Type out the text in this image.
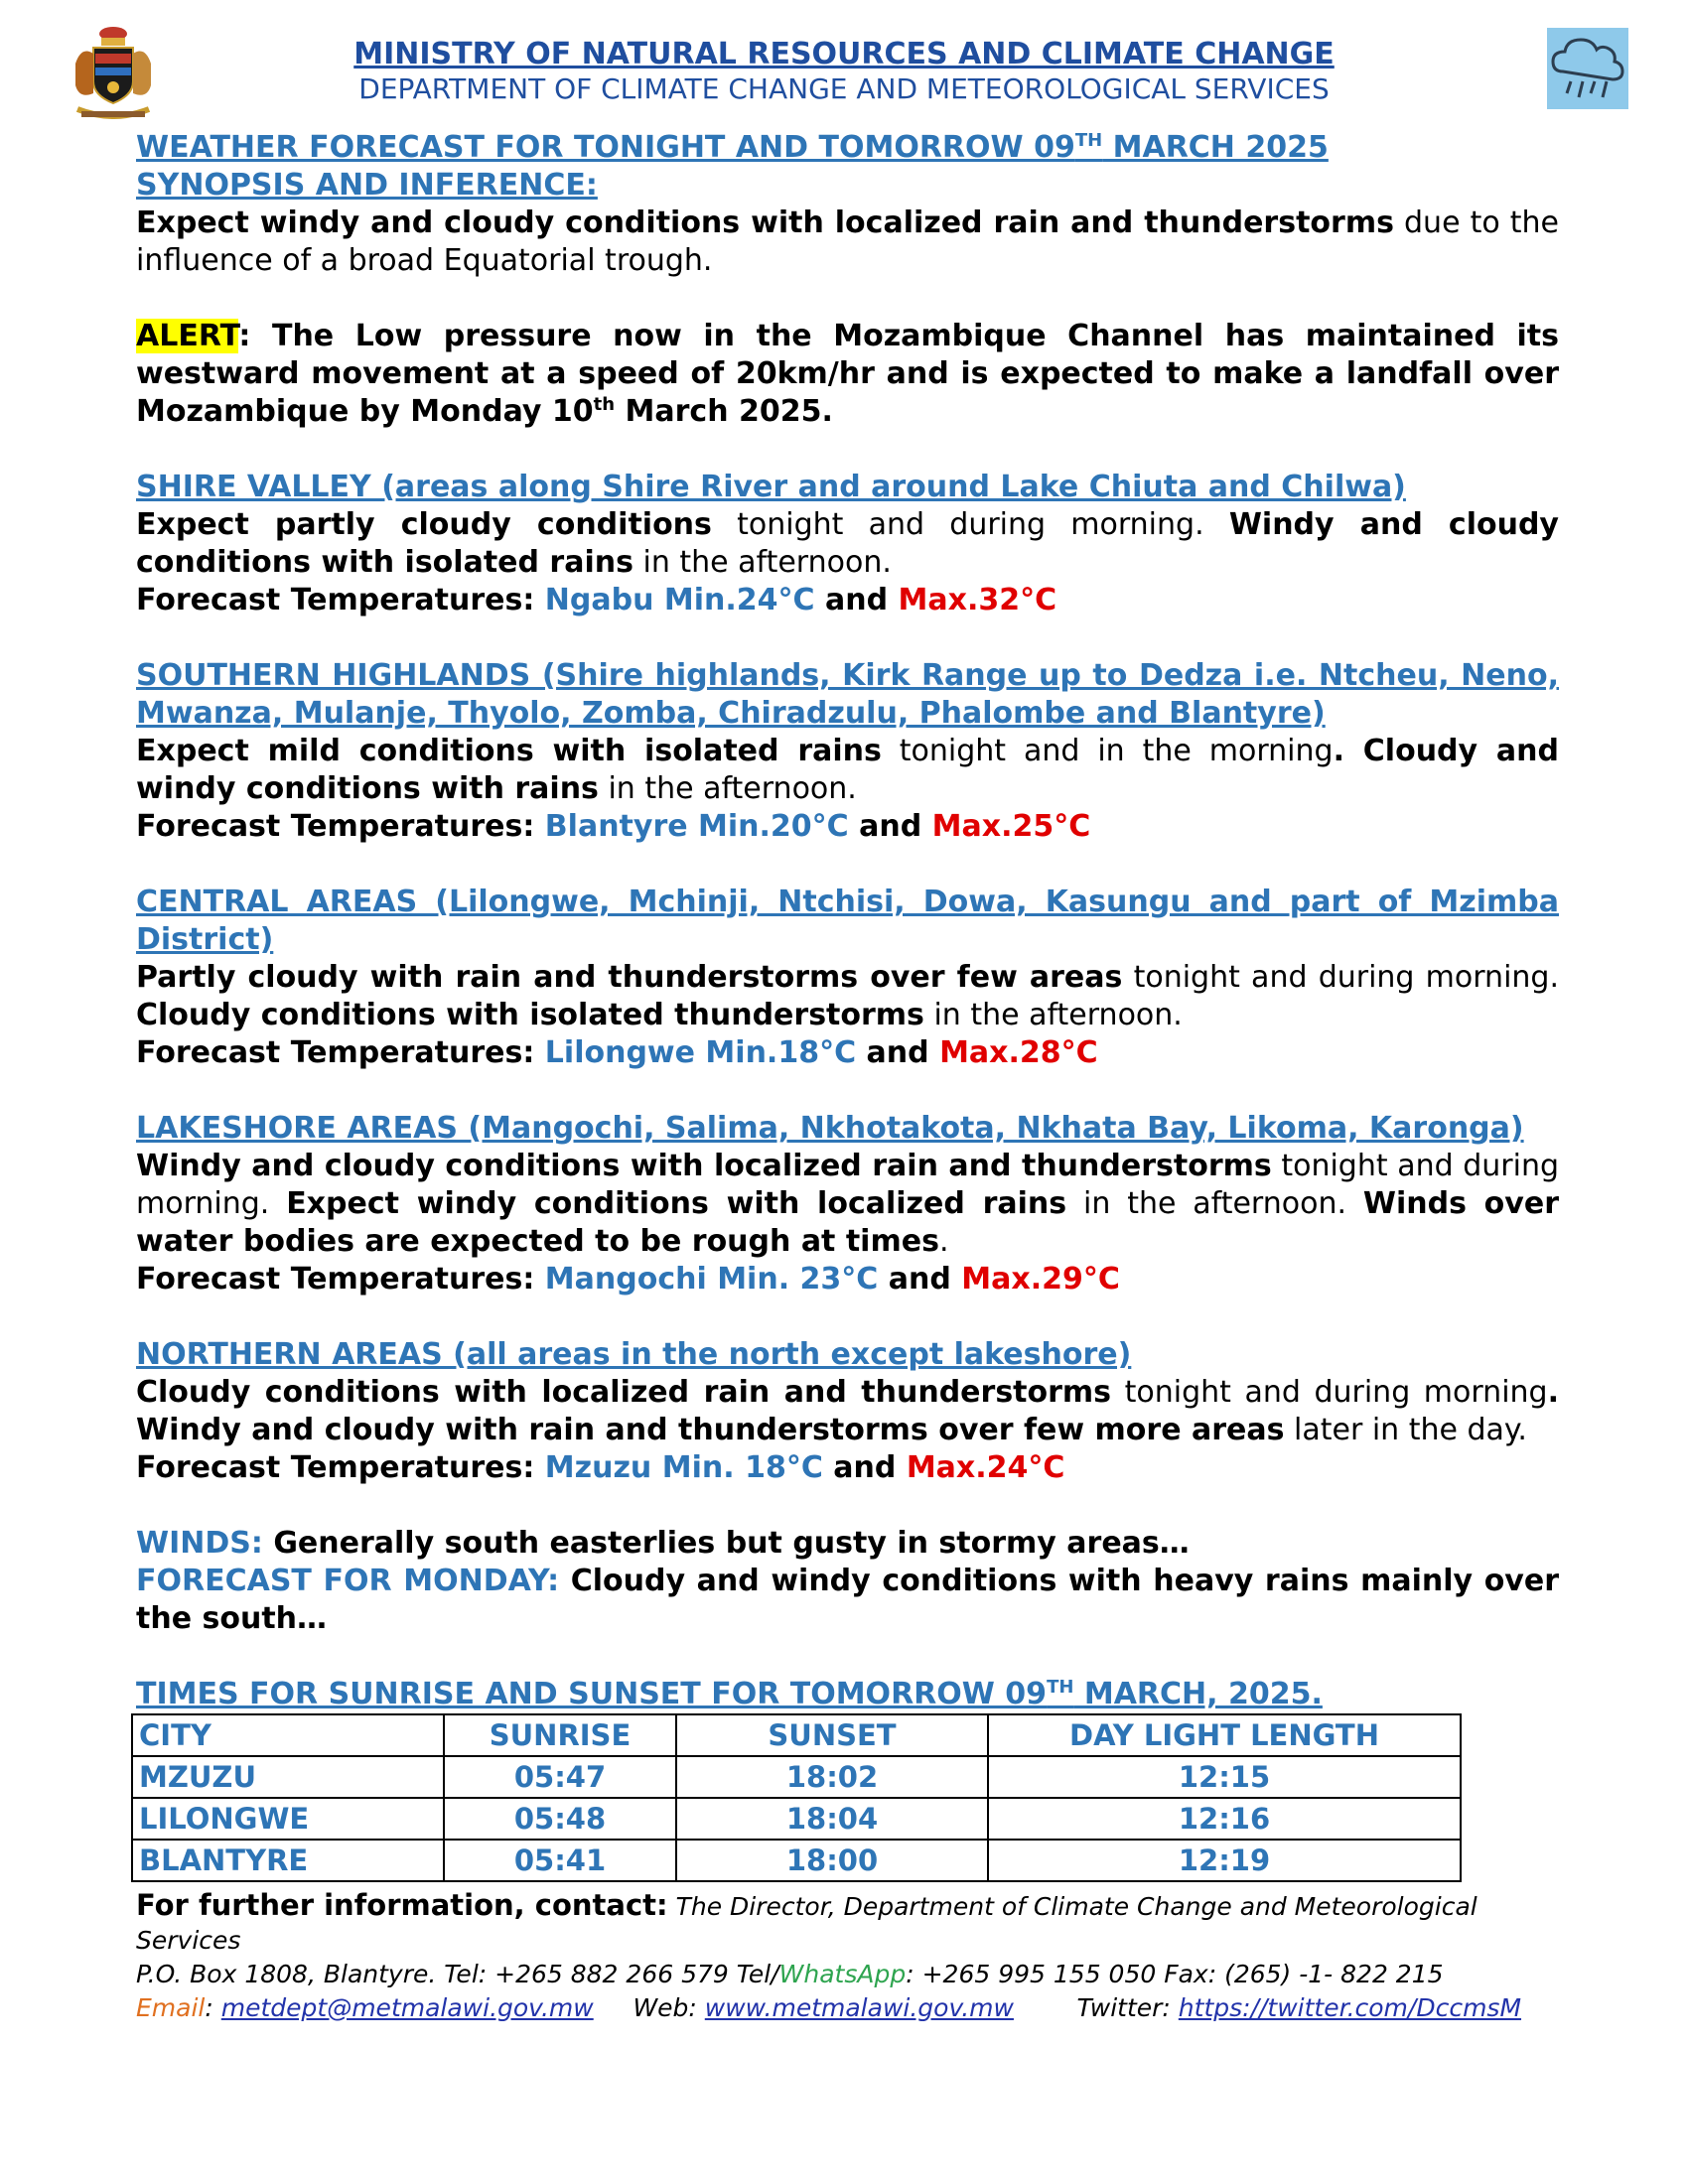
MINISTRY OF NATURAL RESOURCES AND CLIMATE CHANGE
DEPARTMENT OF CLIMATE CHANGE AND METEOROLOGICAL SERVICES

WEATHER FORECAST FOR TONIGHT AND TOMORROW 09TH MARCH 2025

SYNOPSIS AND INFERENCE:

Expect windy and cloudy conditions with localized rain and thunderstorms due to the influence of a broad Equatorial trough.

ALERT: The Low pressure now in the Mozambique Channel has maintained its westward movement at a speed of 20km/hr and is expected to make a landfall over Mozambique by Monday 10th March 2025.

SHIRE VALLEY (areas along Shire River and around Lake Chiuta and Chilwa)

Expect partly cloudy conditions tonight and during morning. Windy and cloudy conditions with isolated rains in the afternoon.

Forecast Temperatures: Ngabu Min.24°C and Max.32°C

SOUTHERN HIGHLANDS (Shire highlands, Kirk Range up to Dedza i.e. Ntcheu, Neno, Mwanza, Mulanje, Thyolo, Zomba, Chiradzulu, Phalombe and Blantyre)

Expect mild conditions with isolated rains tonight and in the morning. Cloudy and windy conditions with rains in the afternoon.

Forecast Temperatures: Blantyre Min.20°C and Max.25°C

CENTRAL AREAS (Lilongwe, Mchinji, Ntchisi, Dowa, Kasungu and part of Mzimba District)

Partly cloudy with rain and thunderstorms over few areas tonight and during morning. Cloudy conditions with isolated thunderstorms in the afternoon.

Forecast Temperatures: Lilongwe Min.18°C and Max.28°C

LAKESHORE AREAS (Mangochi, Salima, Nkhotakota, Nkhata Bay, Likoma, Karonga)

Windy and cloudy conditions with localized rain and thunderstorms tonight and during morning. Expect windy conditions with localized rains in the afternoon. Winds over water bodies are expected to be rough at times.

Forecast Temperatures: Mangochi Min. 23°C and Max.29°C

NORTHERN AREAS (all areas in the north except lakeshore)

Cloudy conditions with localized rain and thunderstorms tonight and during morning. Windy and cloudy with rain and thunderstorms over few more areas later in the day.

Forecast Temperatures: Mzuzu Min. 18°C and Max.24°C

WINDS: Generally south easterlies but gusty in stormy areas…

FORECAST FOR MONDAY: Cloudy and windy conditions with heavy rains mainly over the south…

TIMES FOR SUNRISE AND SUNSET FOR TOMORROW 09TH MARCH, 2025.

CITY	SUNRISE	SUNSET	DAY LIGHT LENGTH
MZUZU	05:47	18:02	12:15
LILONGWE	05:48	18:04	12:16
BLANTYRE	05:41	18:00	12:19
For further information, contact: The Director, Department of Climate Change and Meteorological Services
P.O. Box 1808, Blantyre. Tel: +265 882 266 579 Tel/WhatsApp: +265 995 155 050 Fax: (265) -1- 822 215
Email: metdept@metmalawi.gov.mw Web: www.metmalawi.gov.mw	Twitter: https://twitter.com/DccmsM
